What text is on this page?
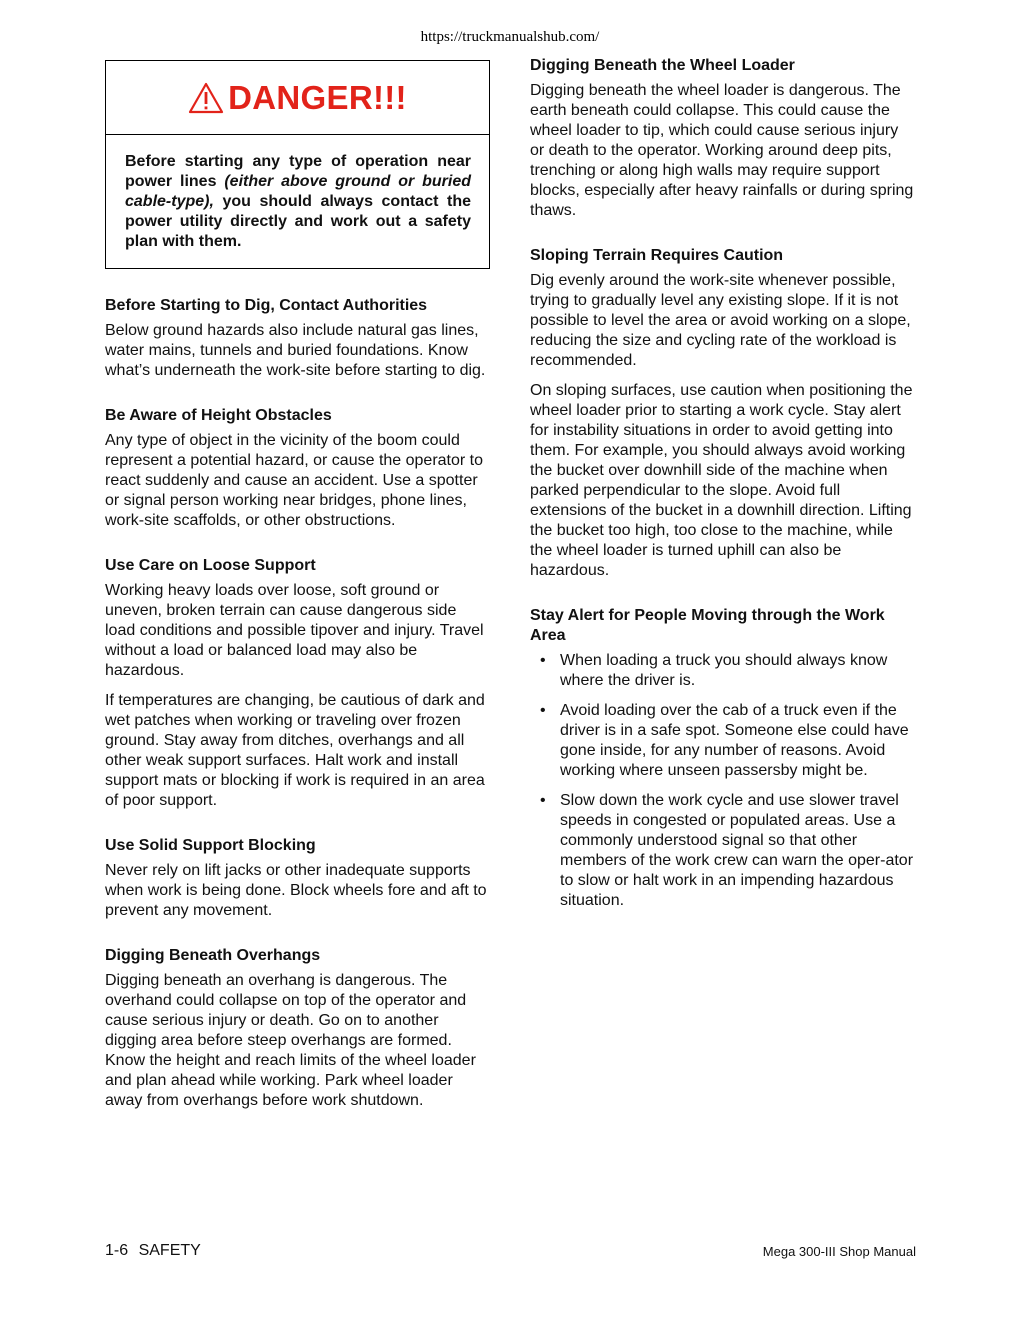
https://truckmanualshub.com/
DANGER!!!
Before starting any type of operation near power lines (either above ground or buried cable-type), you should always contact the power utility directly and work out a safety plan with them.
Before Starting to Dig, Contact Authorities

Below ground hazards also include natural gas lines, water mains, tunnels and buried foundations. Know what’s underneath the work-site before starting to dig.

Be Aware of Height Obstacles

Any type of object in the vicinity of the boom could represent a potential hazard, or cause the operator to react suddenly and cause an accident. Use a spotter or signal person working near bridges, phone lines, work-site scaffolds, or other obstructions.

Use Care on Loose Support

Working heavy loads over loose, soft ground or uneven, broken terrain can cause dangerous side load conditions and possible tipover and injury. Travel without a load or balanced load may also be hazardous.

If temperatures are changing, be cautious of dark and wet patches when working or traveling over frozen ground. Stay away from ditches, overhangs and all other weak support surfaces. Halt work and install support mats or blocking if work is required in an area of poor support.

Use Solid Support Blocking

Never rely on lift jacks or other inadequate supports when work is being done. Block wheels fore and aft to prevent any movement.

Digging Beneath Overhangs

Digging beneath an overhang is dangerous. The overhand could collapse on top of the operator and cause serious injury or death. Go on to another digging area before steep overhangs are formed. Know the height and reach limits of the wheel loader and plan ahead while working. Park wheel loader away from overhangs before work shutdown.

Digging Beneath the Wheel Loader

Digging beneath the wheel loader is dangerous. The earth beneath could collapse. This could cause the wheel loader to tip, which could cause serious injury or death to the operator. Working around deep pits, trenching or along high walls may require support blocks, especially after heavy rainfalls or during spring thaws.

Sloping Terrain Requires Caution

Dig evenly around the work-site whenever possible, trying to gradually level any existing slope. If it is not possible to level the area or avoid working on a slope, reducing the size and cycling rate of the workload is recommended.

On sloping surfaces, use caution when positioning the wheel loader prior to starting a work cycle. Stay alert for instability situations in order to avoid getting into them. For example, you should always avoid working the bucket over downhill side of the machine when parked perpendicular to the slope. Avoid full extensions of the bucket in a downhill direction. Lifting the bucket too high, too close to the machine, while the wheel loader is turned uphill can also be hazardous.

Stay Alert for People Moving through the Work Area
• When loading a truck you should always know where the driver is.
• Avoid loading over the cab of a truck even if the driver is in a safe spot. Someone else could have gone inside, for any number of reasons. Avoid working where unseen passersby might be.
• Slow down the work cycle and use slower travel speeds in congested or populated areas. Use a commonly understood signal so that other members of the work crew can warn the oper-ator to slow or halt work in an impending hazardous situation.
1-6 SAFETY	Mega 300-III Shop Manual
